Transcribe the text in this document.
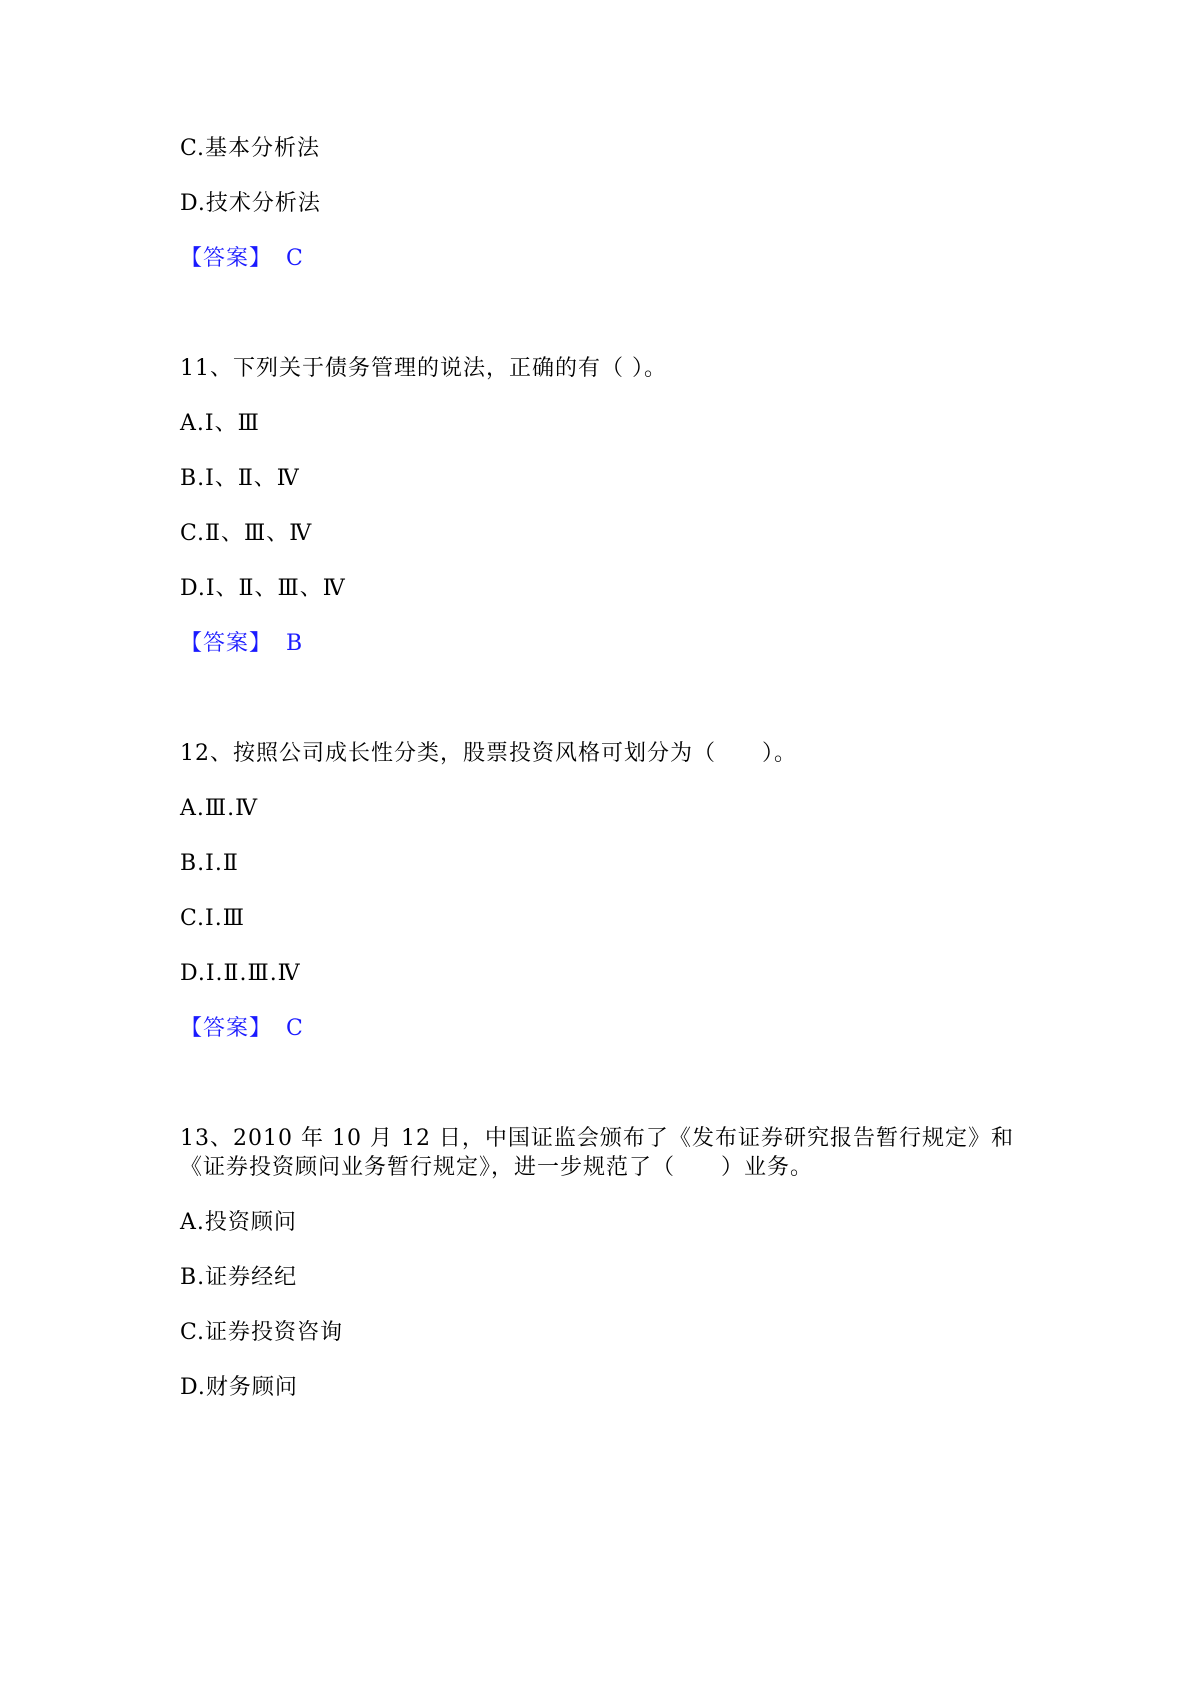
C.基本分析法
D.技术分析法
【答案】 C
11、下列关于债务管理的说法，正确的有（ ）。
A.Ⅰ、Ⅲ
B.Ⅰ、Ⅱ、Ⅳ
C.Ⅱ、Ⅲ、Ⅳ
D.Ⅰ、Ⅱ、Ⅲ、Ⅳ
【答案】 B
12、按照公司成长性分类，股票投资风格可划分为（　　）。
A.Ⅲ.Ⅳ
B.Ⅰ.Ⅱ
C.Ⅰ.Ⅲ
D.Ⅰ.Ⅱ.Ⅲ.Ⅳ
【答案】 C
13、2010 年 10 月 12 日，中国证监会颁布了《发布证券研究报告暂行规定》和
《证券投资顾问业务暂行规定》，进一步规范了（　　）业务。
A.投资顾问
B.证券经纪
C.证券投资咨询
D.财务顾问
